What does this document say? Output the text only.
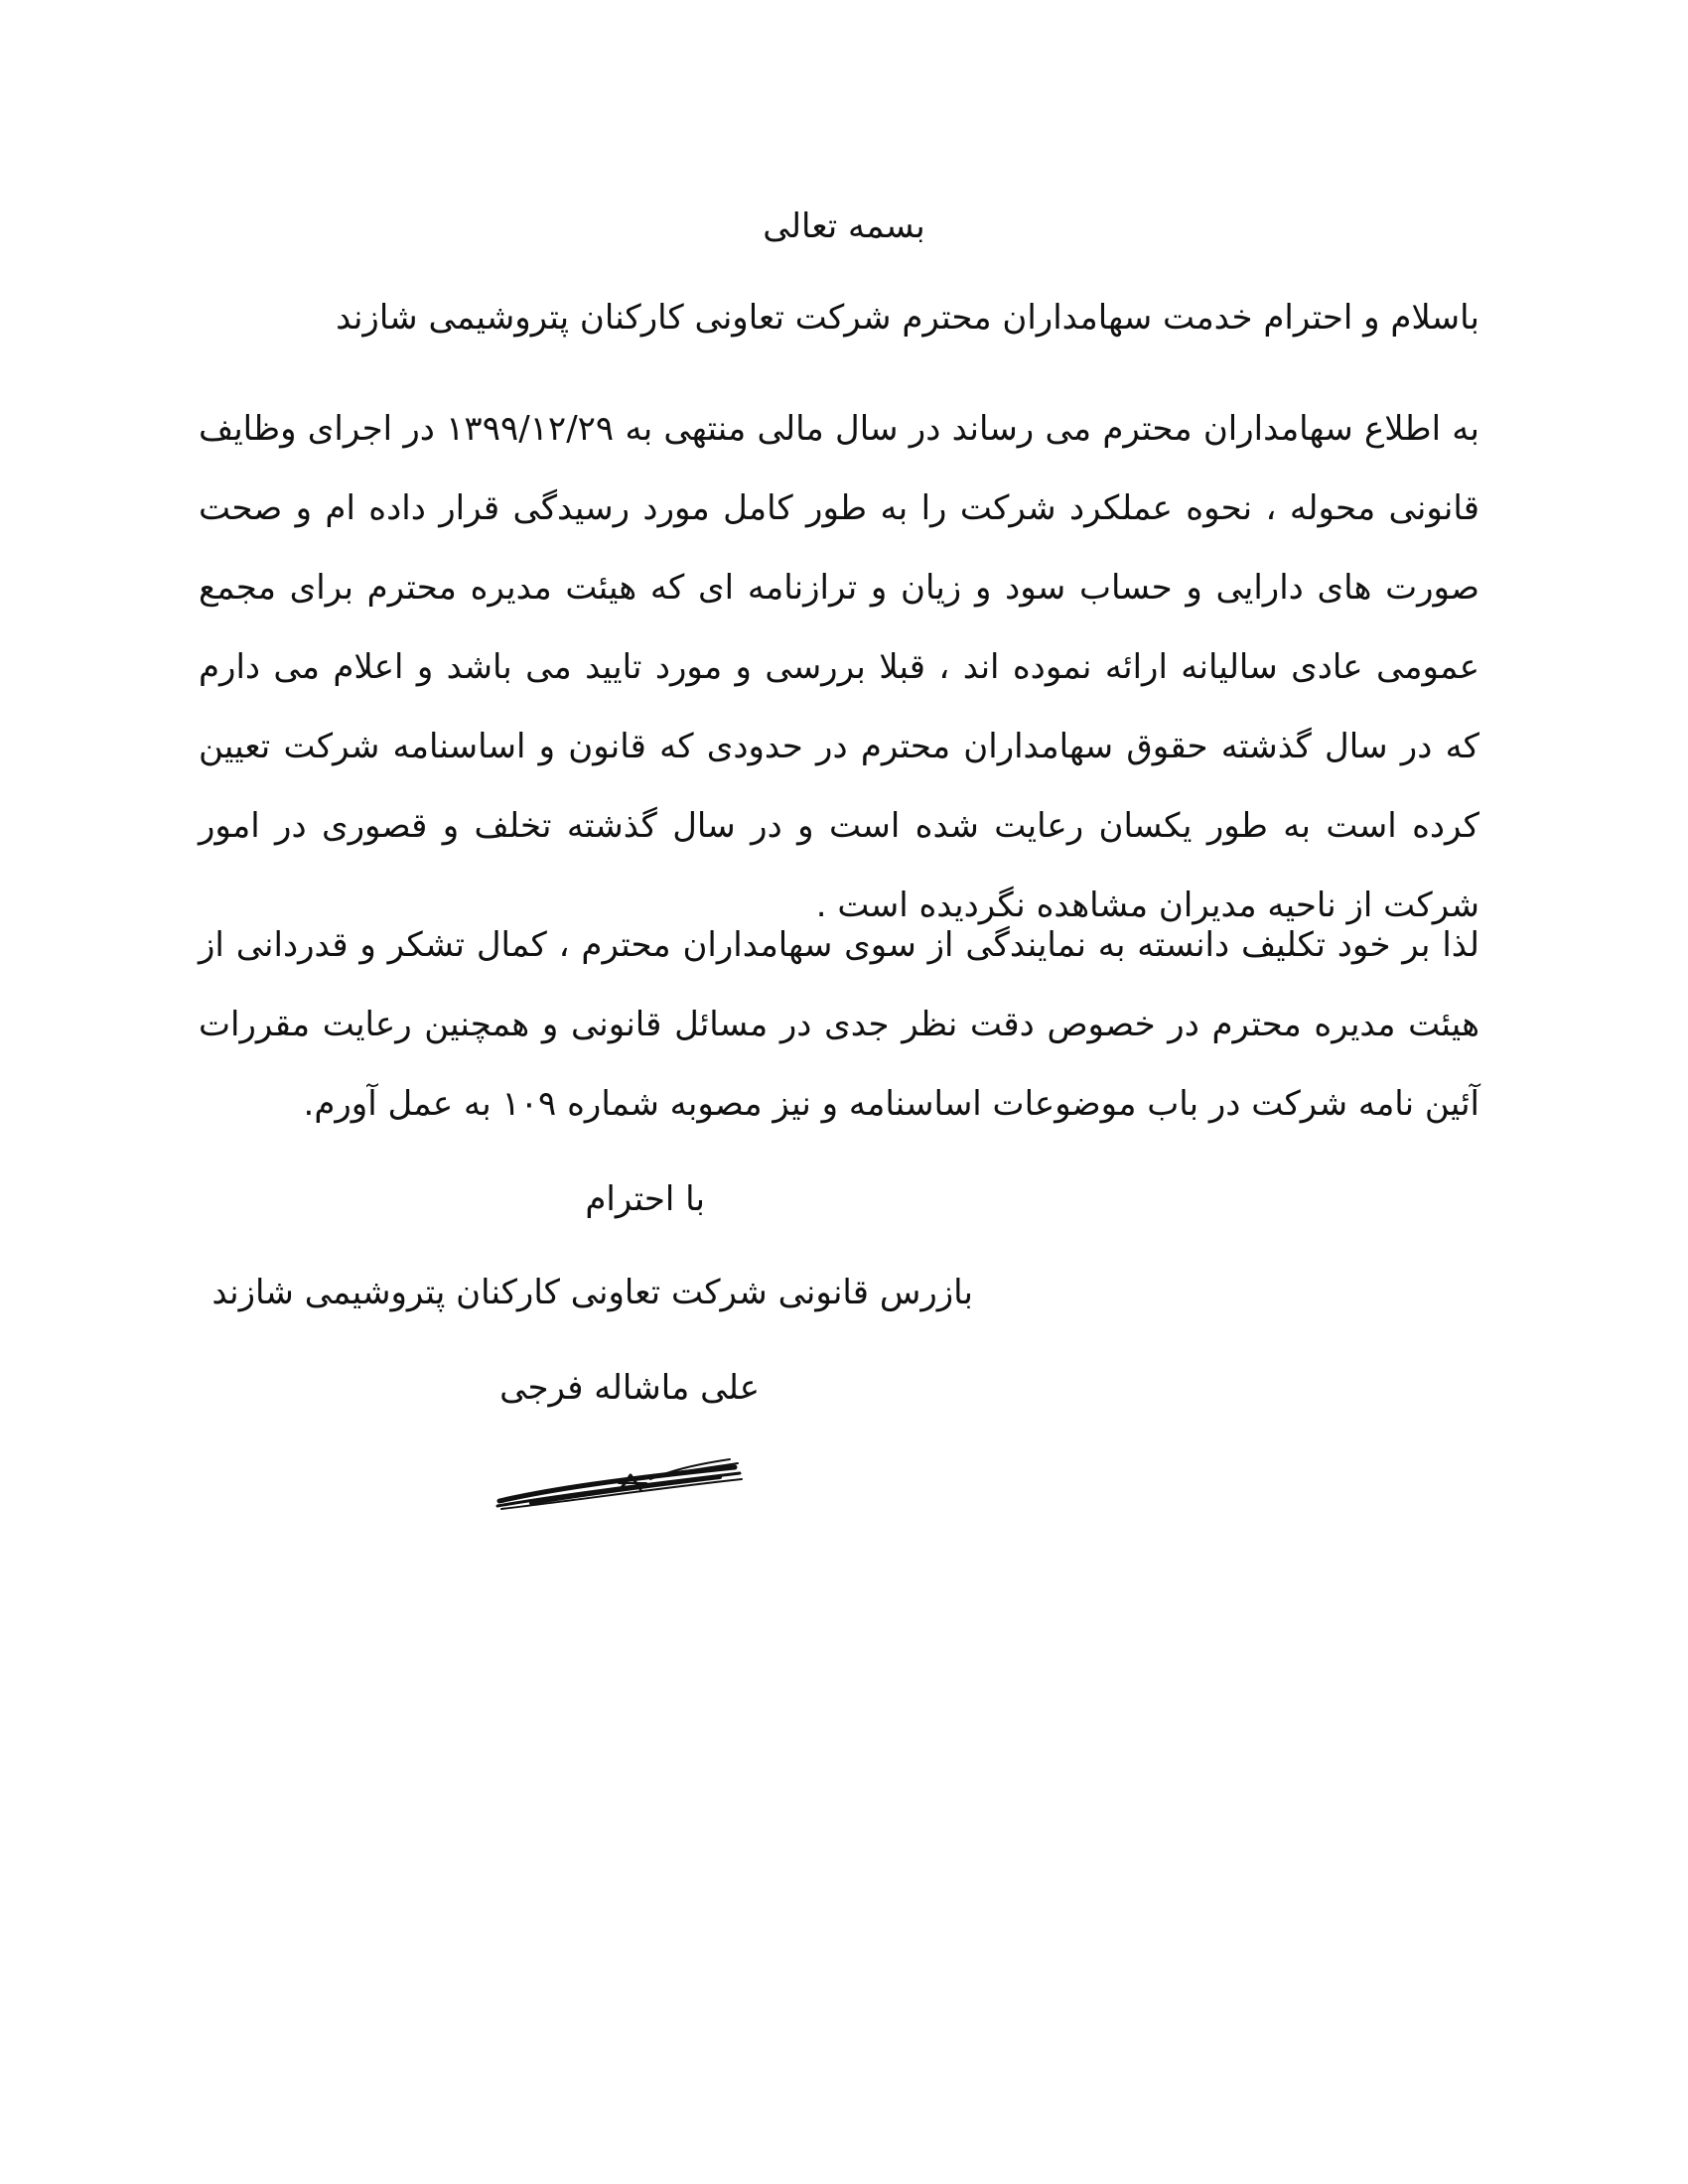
بسمه تعالی
باسلام و احترام خدمت سهامداران محترم شرکت تعاونی کارکنان پتروشیمی شازند
به اطلاع سهامداران محترم می رساند در سال مالی منتهی به ۱۳۹۹/۱۲/۲۹ در اجرای وظایف قانونی محوله ، نحوه عملکرد شرکت را به طور کامل مورد رسیدگی قرار داده ام و صحت صورت های دارایی و حساب سود و زیان و ترازنامه ای که هیئت مدیره محترم برای مجمع عمومی عادی سالیانه ارائه نموده اند ، قبلا بررسی و مورد تایید می باشد و اعلام می دارم که در سال گذشته حقوق سهامداران محترم در حدودی که قانون و اساسنامه شرکت تعیین کرده است به طور یکسان رعایت شده است و در سال گذشته تخلف و قصوری در امور شرکت از ناحیه مدیران مشاهده نگردیده است .
لذا بر خود تکلیف دانسته به نمایندگی از سوی سهامداران محترم ، کمال تشکر و قدردانی از هیئت مدیره محترم در خصوص دقت نظر جدی در مسائل قانونی و همچنین رعایت مقررات آئین نامه شرکت در باب موضوعات اساسنامه و نیز مصوبه شماره ۱۰۹ به عمل آورم.
با احترام
بازرس قانونی شرکت تعاونی کارکنان پتروشیمی شازند
علی ماشاله فرجی
